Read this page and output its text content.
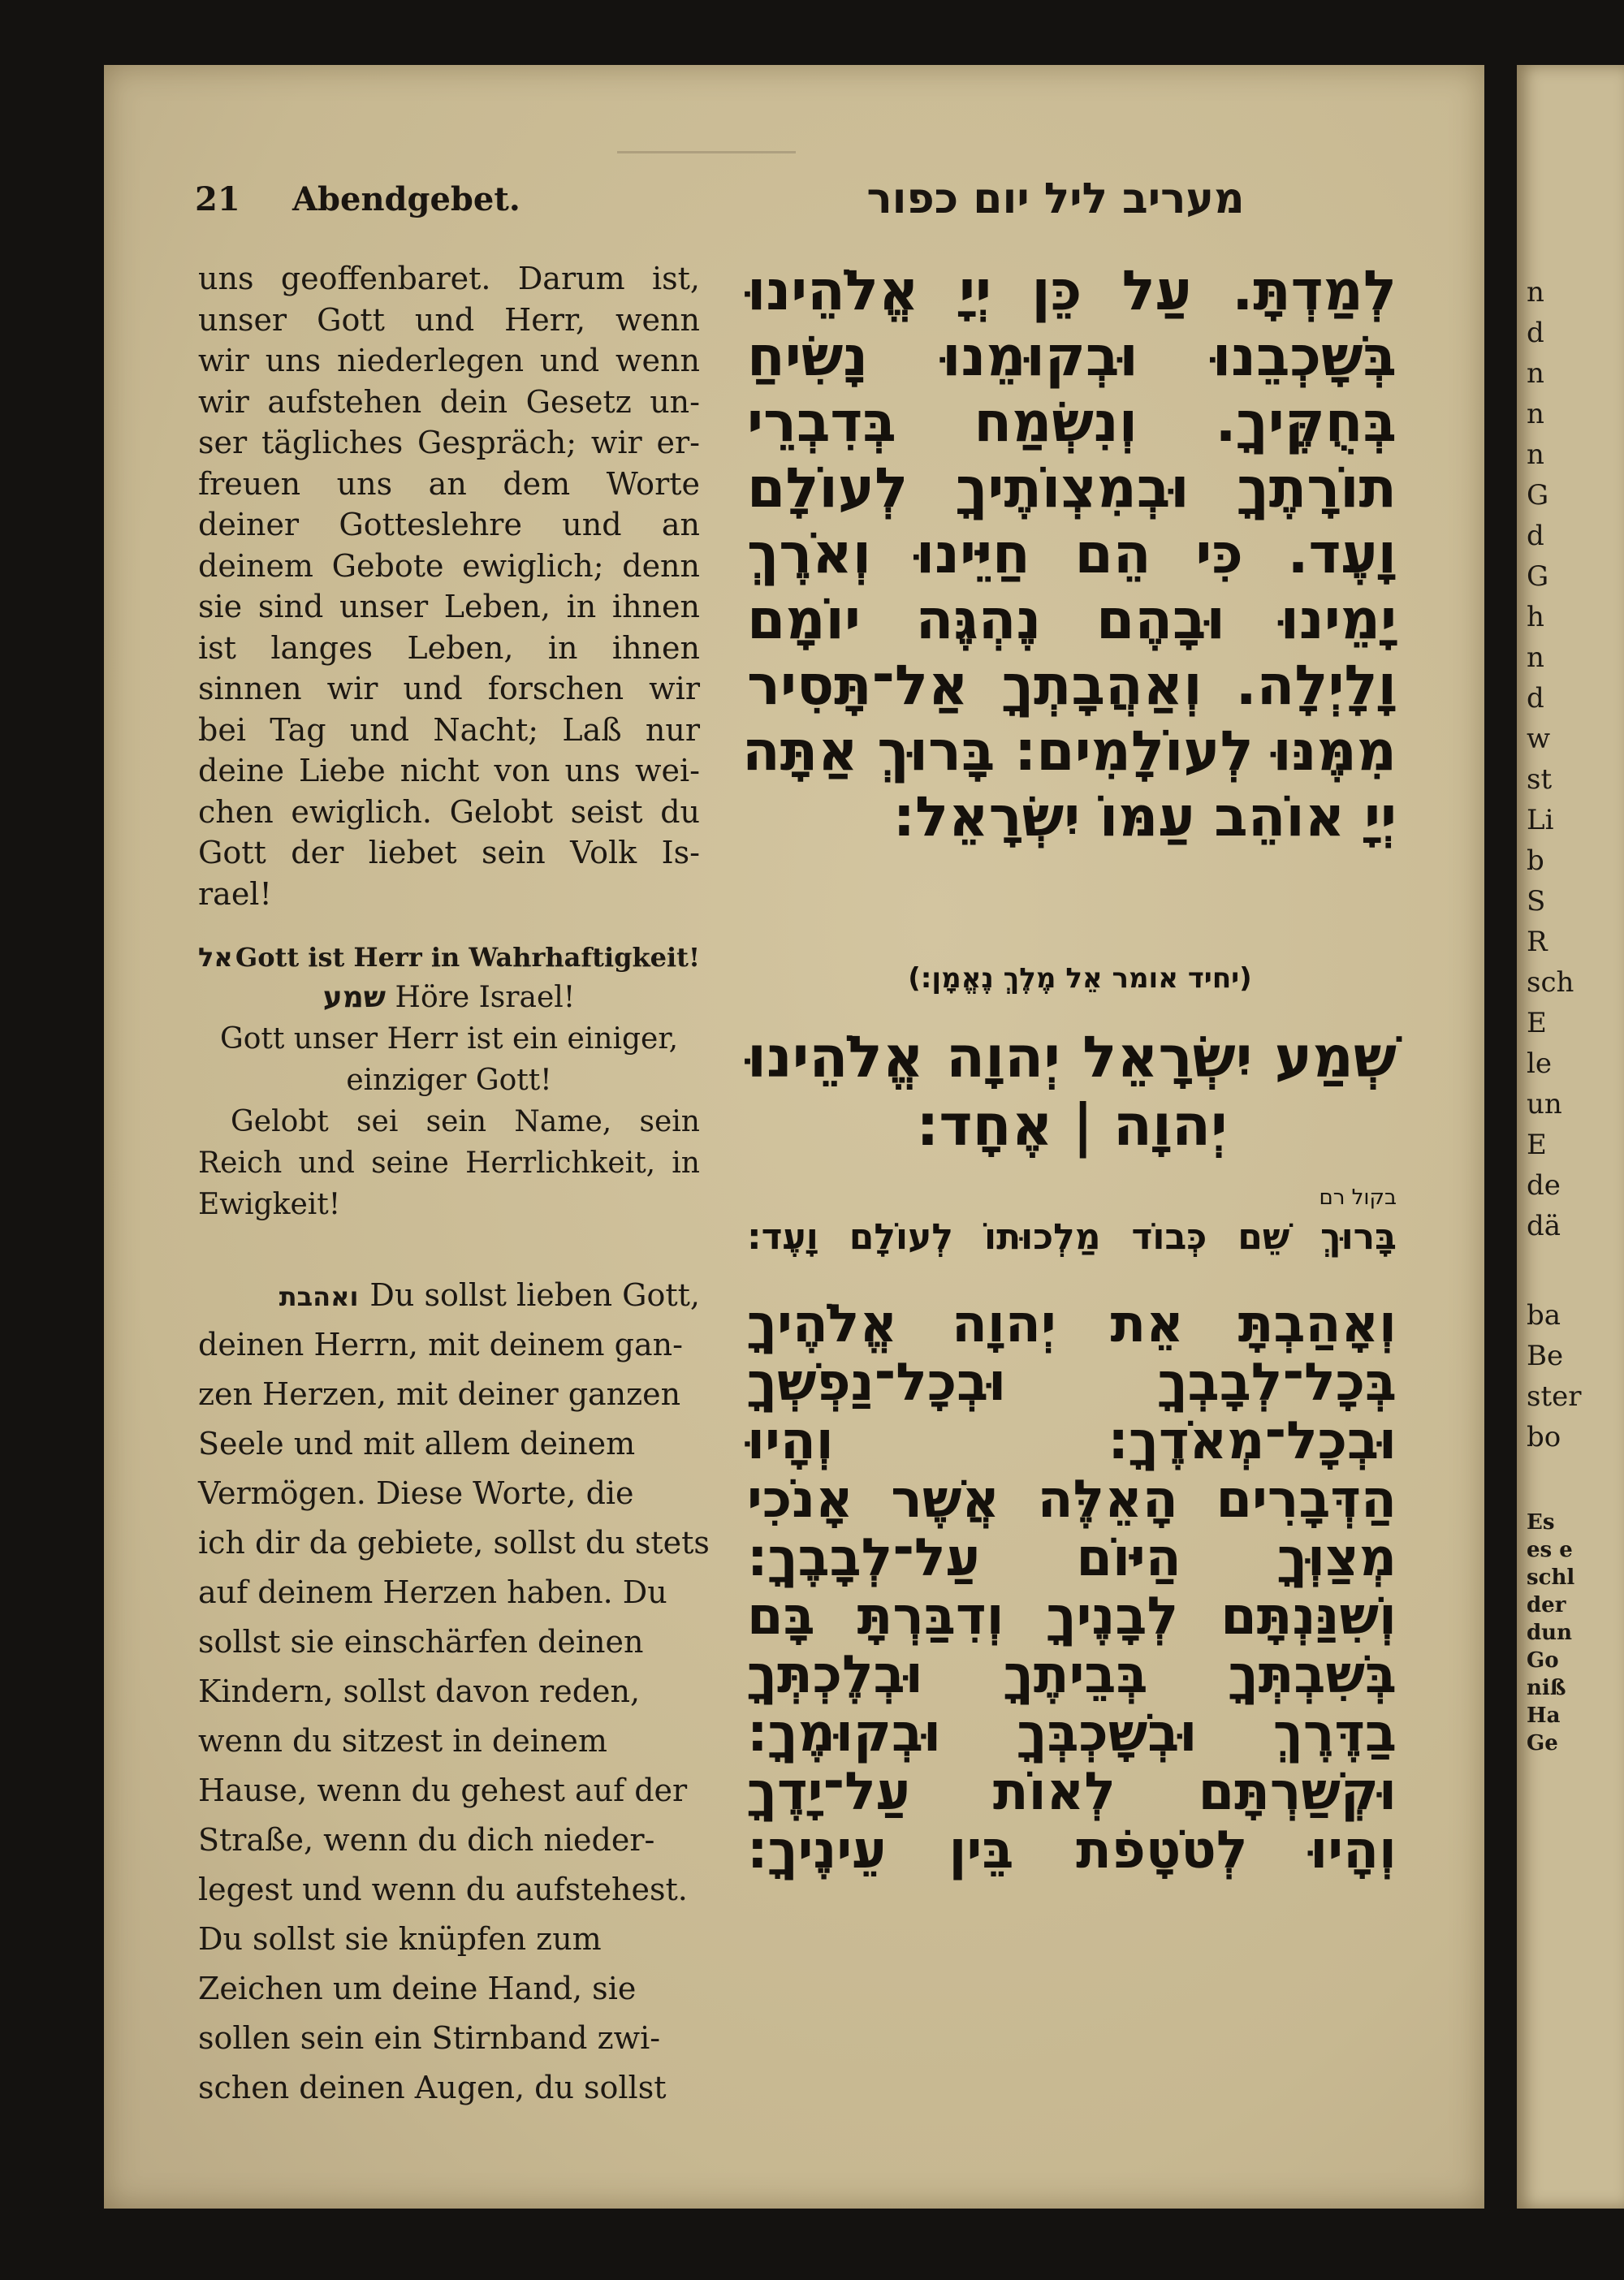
n
d
n
n
n
G
d
G
h
n
d
w
st
Li
b
S
R
sch
E
le
un
E
de
dä
ba
Be
ster
bo
Es
es e
schl
der
dun
Go
niß
Ha
Ge
21 Abendgebet.	מעריב ליל יום כפור
uns geoffenbaret. Darum ist,
unser Gott und Herr, wenn
wir uns niederlegen und wenn
wir aufstehen dein Gesetz un-
ser tägliches Gespräch; wir er-
freuen uns an dem Worte
deiner Gotteslehre und an
deinem Gebote ewiglich; denn
sie sind unser Leben, in ihnen
ist langes Leben, in ihnen
sinnen wir und forschen wir
bei Tag und Nacht; Laß nur
deine Liebe nicht von uns wei-
chen ewiglich. Gelobt seist du
Gott der liebet sein Volk Is-
rael!
אל Gott ist Herr in Wahrhaftigkeit!
שמע Höre Israel!
Gott unser Herr ist ein einiger,
einziger Gott!
Gelobt sei sein Name, sein
Reich und seine Herrlichkeit, in
Ewigkeit!
ואהבת Du sollst lieben Gott,
deinen Herrn, mit deinem gan-
zen Herzen, mit deiner ganzen
Seele und mit allem deinem
Vermögen. Diese Worte, die
ich dir da gebiete, sollst du stets
auf deinem Herzen haben. Du
sollst sie einschärfen deinen
Kindern, sollst davon reden,
wenn du sitzest in deinem
Hause, wenn du gehest auf der
Straße, wenn du dich nieder-
legest und wenn du aufstehest.
Du sollst sie knüpfen zum
Zeichen um deine Hand, sie
sollen sein ein Stirnband zwi-
schen deinen Augen, du sollst
לְמַדְתָּ. עַל כֵּן יְיָ אֱלֹהֵינוּ
בְּשָׁכְבֵנוּ וּבְקוּמֵנוּ נָשִׂיחַ
בְּחֻקֶּיךָ. וְנִשְׂמַח בְּדִבְרֵי
תוֹרָתֶךָ וּבְמִצְוֹתֶיךָ לְעוֹלָם
וָעֶד. כִּי הֵם חַיֵּינוּ וְאֹרֶךְ
יָמֵינוּ וּבָהֶם נֶהְגֶּה יוֹמָם
וָלָיְלָה. וְאַהֲבָתְךָ אַל־תָּסִיר
מִמֶּנּוּ לְעוֹלָמִים: בָּרוּךְ אַתָּה
יְיָ אוֹהֵב עַמּוֹ יִשְׂרָאֵל:
(יחיד אומר אֵל מֶלֶךְ נֶאֱמָן:)
שְׁמַע יִשְׂרָאֵל יְהוָה אֱלֹהֵינוּ
יְהוָה | אֶחָד:
בקול רם
בָּרוּךְ שֵׁם כְּבוֹד מַלְכוּתוֹ לְעוֹלָם וָעֶד:
וְאָהַבְתָּ אֵת יְהוָה אֱלֹהֶיךָ
בְּכָל־לְבָבְךָ וּבְכָל־נַפְשְׁךָ
וּבְכָל־מְאֹדֶךָ: וְהָיוּ
הַדְּבָרִים הָאֵלֶּה אֲשֶׁר אָנֹכִי
מְצַוְּךָ הַיּוֹם עַל־לְבָבֶךָ:
וְשִׁנַּנְתָּם לְבָנֶיךָ וְדִבַּרְתָּ בָּם
בְּשִׁבְתְּךָ בְּבֵיתֶךָ וּבְלֶכְתְּךָ
בַדֶּרֶךְ וּבְשָׁכְבְּךָ וּבְקוּמֶךָ:
וּקְשַׁרְתָּם לְאוֹת עַל־יָדֶךָ
וְהָיוּ לְטֹטָפֹת בֵּין עֵינֶיךָ:
